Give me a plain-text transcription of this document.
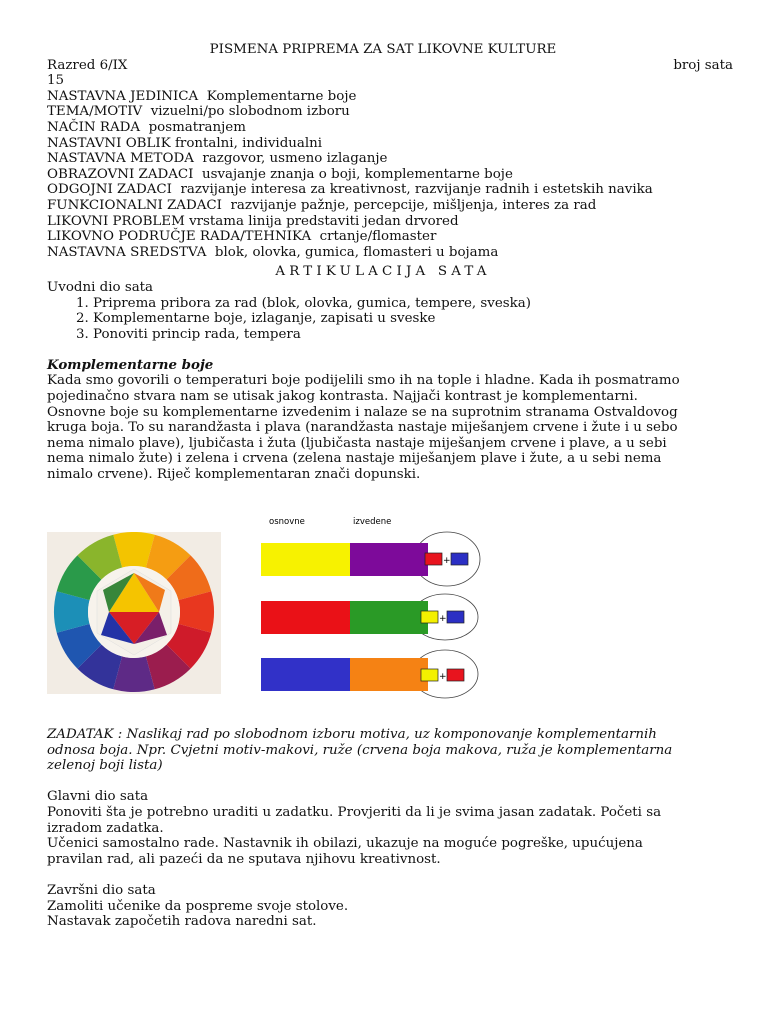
PISMENA PRIPREMA ZA SAT LIKOVNE KULTURE
Razred 6/IX	broj sata
15
NASTAVNA JEDINICA Komplementarne boje
TEMA/MOTIV vizuelni/po slobodnom izboru
NAČIN RADA posmatranjem
NASTAVNI OBLIK frontalni, individualni
NASTAVNA METODA razgovor, usmeno izlaganje
OBRAZOVNI ZADACI usvajanje znanja o boji, komplementarne boje
ODGOJNI ZADACI razvijanje interesa za kreativnost, razvijanje radnih i estetskih navika
FUNKCIONALNI ZADACI razvijanje pažnje, percepcije, mišljenja, interes za rad
LIKOVNI PROBLEM vrstama linija predstaviti jedan drvored
LIKOVNO PODRUČJE RADA/TEHNIKA crtanje/flomaster
NASTAVNA SREDSTVA blok, olovka, gumica, flomasteri u bojama
ARTIKULACIJA SATA
Uvodni dio sata
1. Pripremа pribora za rad (blok, olovka, gumica, tempere, sveska)
2. Komplementarne boje, izlaganje, zapisati u sveske
3. Ponoviti princip rada, tempera
Komplementarne boje
Kada smo govorili o temperaturi boje podijelili smo ih na tople i hladne. Kada ih posmatramo
pojedinačno stvara nam se utisak jakog kontrasta. Najjači kontrast je komplementarni.
Osnovne boje su komplementarne izvedenim i nalaze se na suprotnim stranama Ostvaldovog
kruga boja. To su narandžasta i plava (narandžasta nastaje miješanjem crvene i žute i u sebo
nema nimalo plave), ljubičasta i žuta (ljubičasta nastaje miješanjem crvene i plave, a u sebi
nema nimalo žute) i zelena i crvena (zelena nastaje miješanjem plave i žute, a u sebi nema
nimalo crvene). Riječ komplementaran znači dopunski.
osnovne	izvedene
+
+
+
ZADATAK : Naslikaj rad po slobodnom izboru motiva, uz komponovanje komplementarnih
odnosa boja. Npr. Cvjetni motiv-makovi, ruže (crvena boja makova, ruža je komplementarna
zelenoj boji lista)
Glavni dio sata
Ponoviti šta je potrebno uraditi u zadatku. Provjeriti da li je svima jasan zadatak. Početi sa
izradom zadatka.
Učenici samostalno rade. Nastavnik ih obilazi, ukazuje na moguće pogreške, upućujena
pravilan rad, ali pazeći da ne sputava njihovu kreativnost.
Završni dio sata
Zamoliti učenike da pospreme svoje stolove.
Nastavak započetih radova naredni sat.
